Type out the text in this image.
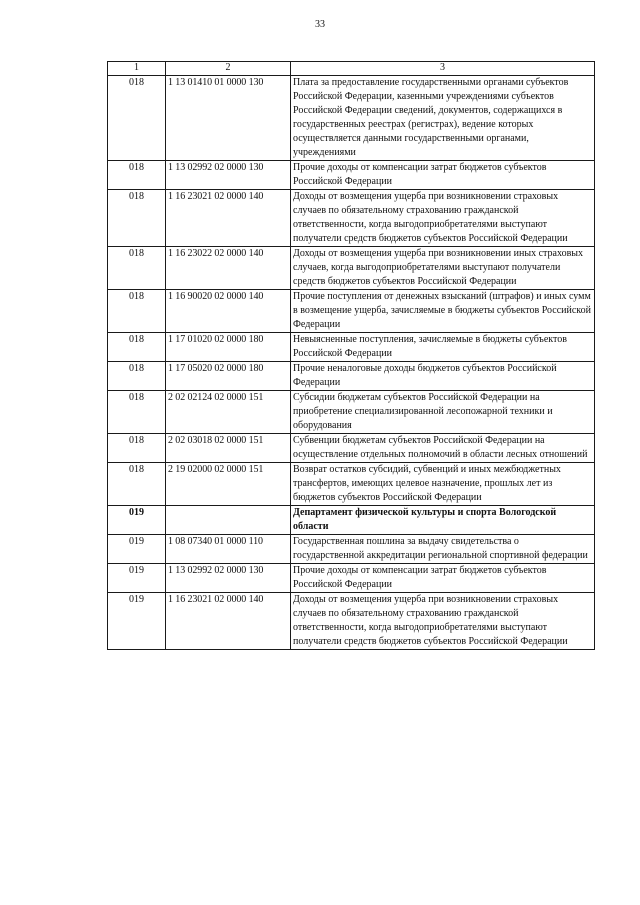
33
1	2	3
018	1 13 01410 01 0000 130	Плата за предоставление государственными органами субъектов Российской Федерации, казенными учреждениями субъектов Российской Федерации сведений, документов, содержащихся в государственных реестрах (регистрах), ведение которых осуществляется данными государственными органами, учреждениями
018	1 13 02992 02 0000 130	Прочие доходы от компенсации затрат бюджетов субъектов Российской Федерации
018	1 16 23021 02 0000 140	Доходы от возмещения ущерба при возникновении страховых случаев по обязательному страхованию гражданской ответственности, когда выгодоприобретателями выступают получатели средств бюджетов субъектов Российской Федерации
018	1 16 23022 02 0000 140	Доходы от возмещения ущерба при возникновении иных страховых случаев, когда выгодоприобретателями выступают получатели средств бюджетов субъектов Российской Федерации
018	1 16 90020 02 0000 140	Прочие поступления от денежных взысканий (штрафов) и иных сумм в возмещение ущерба, зачисляемые в бюджеты субъектов Российской Федерации
018	1 17 01020 02 0000 180	Невыясненные поступления, зачисляемые в бюджеты субъектов Российской Федерации
018	1 17 05020 02 0000 180	Прочие неналоговые доходы бюджетов субъектов Российской Федерации
018	2 02 02124 02 0000 151	Субсидии бюджетам субъектов Российской Федерации на приобретение специализированной лесопожарной техники и оборудования
018	2 02 03018 02 0000 151	Субвенции бюджетам субъектов Российской Федерации на осуществление отдельных полномочий в области лесных отношений
018	2 19 02000 02 0000 151	Возврат остатков субсидий, субвенций и иных межбюджетных трансфертов, имеющих целевое назначение, прошлых лет из бюджетов субъектов Российской Федерации
019		Департамент физической культуры и спорта Вологодской области
019	1 08 07340 01 0000 110	Государственная пошлина за выдачу свидетельства о государственной аккредитации региональной спортивной федерации
019	1 13 02992 02 0000 130	Прочие доходы от компенсации затрат бюджетов субъектов Российской Федерации
019	1 16 23021 02 0000 140	Доходы от возмещения ущерба при возникновении страховых случаев по обязательному страхованию гражданской ответственности, когда выгодоприобретателями выступают получатели средств бюджетов субъектов Российской Федерации
